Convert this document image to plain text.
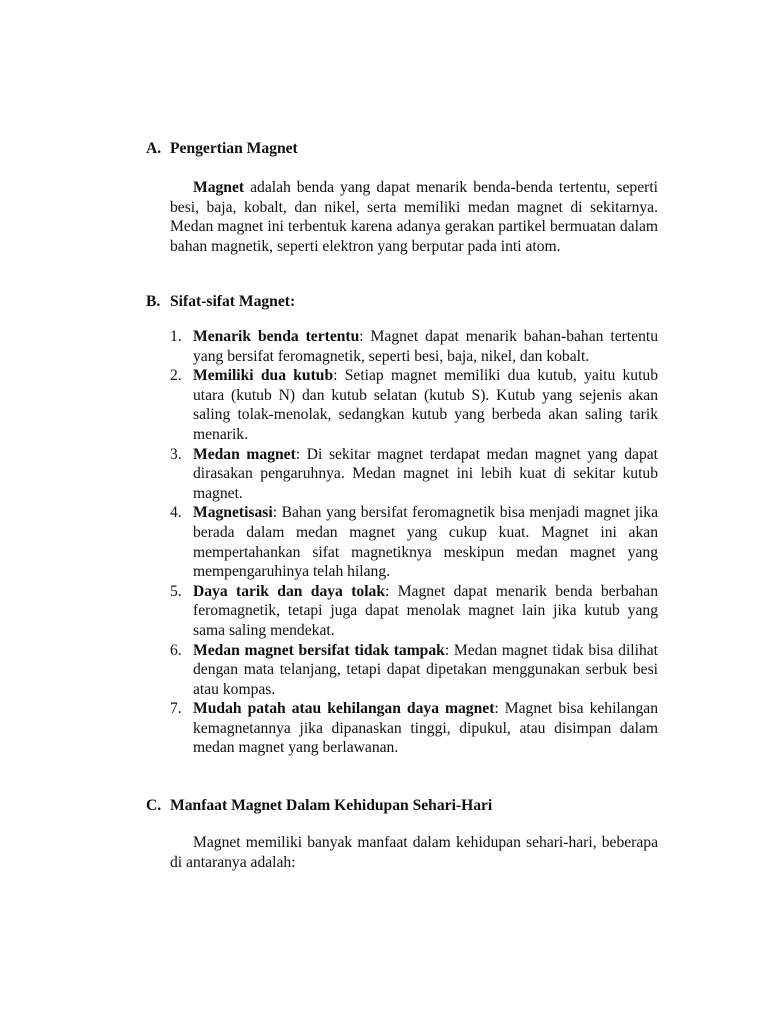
A. Pengertian Magnet

Magnet adalah benda yang dapat menarik benda-benda tertentu, seperti besi, baja, kobalt, dan nikel, serta memiliki medan magnet di sekitarnya. Medan magnet ini terbentuk karena adanya gerakan partikel bermuatan dalam bahan magnetik, seperti elektron yang berputar pada inti atom.

B. Sifat-sifat Magnet:
1. Menarik benda tertentu: Magnet dapat menarik bahan-bahan tertentu yang bersifat feromagnetik, seperti besi, baja, nikel, dan kobalt.
2. Memiliki dua kutub: Setiap magnet memiliki dua kutub, yaitu kutub utara (kutub N) dan kutub selatan (kutub S). Kutub yang sejenis akan saling tolak-menolak, sedangkan kutub yang berbeda akan saling tarik menarik.
3. Medan magnet: Di sekitar magnet terdapat medan magnet yang dapat dirasakan pengaruhnya. Medan magnet ini lebih kuat di sekitar kutub magnet.
4. Magnetisasi: Bahan yang bersifat feromagnetik bisa menjadi magnet jika berada dalam medan magnet yang cukup kuat. Magnet ini akan mempertahankan sifat magnetiknya meskipun medan magnet yang mempengaruhinya telah hilang.
5. Daya tarik dan daya tolak: Magnet dapat menarik benda berbahan feromagnetik, tetapi juga dapat menolak magnet lain jika kutub yang sama saling mendekat.
6. Medan magnet bersifat tidak tampak: Medan magnet tidak bisa dilihat dengan mata telanjang, tetapi dapat dipetakan menggunakan serbuk besi atau kompas.
7. Mudah patah atau kehilangan daya magnet: Magnet bisa kehilangan kemagnetannya jika dipanaskan tinggi, dipukul, atau disimpan dalam medan magnet yang berlawanan.
C. Manfaat Magnet Dalam Kehidupan Sehari-Hari

Magnet memiliki banyak manfaat dalam kehidupan sehari-hari, beberapa di antaranya adalah:
